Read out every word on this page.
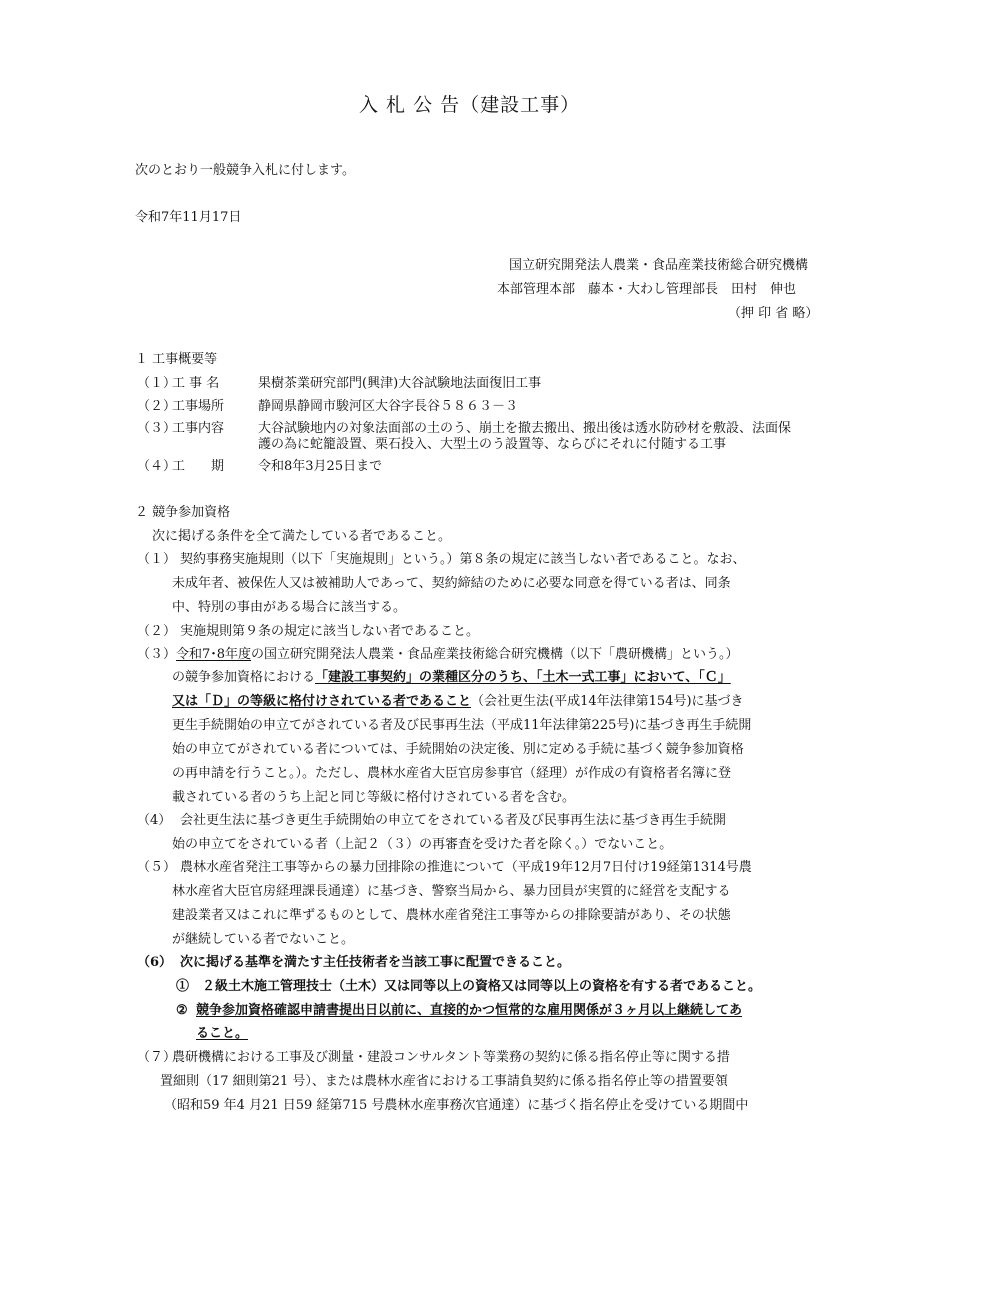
入 札 公 告（建設工事）
次のとおり一般競争入札に付します。
令和7年11月17日
国立研究開発法人農業・食品産業技術総合研究機構
本部管理本部　藤本・大わし管理部長　田村　伸也
（押 印 省 略）
１ 工事概要等
（１）
工 事 名	果樹茶業研究部門(興津)大谷試験地法面復旧工事
（２）
工事場所	静岡県静岡市駿河区大谷字長谷５８６３－３
（３）
工事内容	大谷試験地内の対象法面部の土のう、崩土を撤去搬出、搬出後は透水防砂材を敷設、法面保
護の為に蛇籠設置、栗石投入、大型土のう設置等、ならびにそれに付随する工事
（４）
工　　期	令和8年3月25日まで
２ 競争参加資格
次に掲げる条件を全て満たしている者であること。
（１） 契約事務実施規則（以下「実施規則」という。）第８条の規定に該当しない者であること。なお、
未成年者、被保佐人又は被補助人であって、契約締結のために必要な同意を得ている者は、同条
中、特別の事由がある場合に該当する。
（２） 実施規則第９条の規定に該当しない者であること。
（３） 令和7･8年度の国立研究開発法人農業・食品産業技術総合研究機構（以下「農研機構」という。）
の競争参加資格における「建設工事契約」の業種区分のうち、「土木一式工事」において、「Ｃ」
又は「Ｄ」の等級に格付けされている者であること（会社更生法(平成14年法律第154号)に基づき
更生手続開始の申立てがされている者及び民事再生法（平成11年法律第225号)に基づき再生手続開
始の申立てがされている者については、手続開始の決定後、別に定める手続に基づく競争参加資格
の再申請を行うこと。）。ただし、農林水産省大臣官房参事官（経理）が作成の有資格者名簿に登
載されている者のうち上記と同じ等級に格付けされている者を含む。
（4） 会社更生法に基づき更生手続開始の申立てをされている者及び民事再生法に基づき再生手続開
始の申立てをされている者（上記２（３）の再審査を受けた者を除く。）でないこと。
（５） 農林水産省発注工事等からの暴力団排除の推進について（平成19年12月7日付け19経第1314号農
林水産省大臣官房経理課長通達）に基づき、警察当局から、暴力団員が実質的に経営を支配する
建設業者又はこれに準ずるものとして、農林水産省発注工事等からの排除要請があり、その状態
が継続している者でないこと。
（6） 次に掲げる基準を満たす主任技術者を当該工事に配置できること。
①　２級土木施工管理技士（土木）又は同等以上の資格又は同等以上の資格を有する者であること。
② 競争参加資格確認申請書提出日以前に、直接的かつ恒常的な雇用関係が３ヶ月以上継続してあ
ること。
（７）
農研機構における工事及び測量・建設コンサルタント等業務の契約に係る指名停止等に関する措
置細則（17 細則第21 号）、または農林水産省における工事請負契約に係る指名停止等の措置要領
（昭和59 年4 月21 日59 経第715 号農林水産事務次官通達）に基づく指名停止を受けている期間中
